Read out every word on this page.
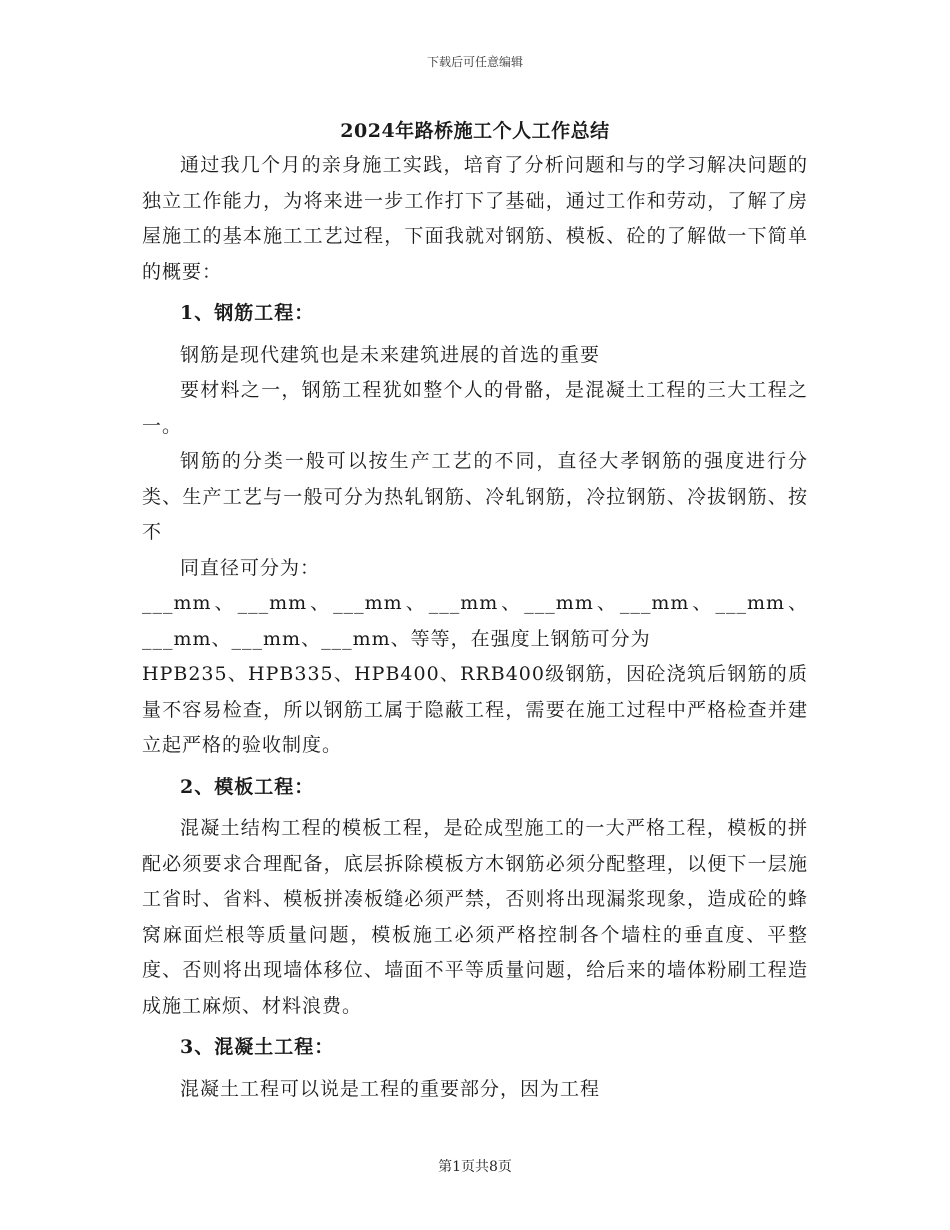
下载后可任意编辑
2024年路桥施工个人工作总结

通过我几个月的亲身施工实践，培育了分析问题和与的学习解决问题的独立工作能力，为将来进一步工作打下了基础，通过工作和劳动，了解了房屋施工的基本施工工艺过程，下面我就对钢筋、模板、砼的了解做一下简单的概要：

1、钢筋工程：

钢筋是现代建筑也是未来建筑进展的首选的重要

要材料之一，钢筋工程犹如整个人的骨骼，是混凝土工程的三大工程之一。

钢筋的分类一般可以按生产工艺的不同，直径大孝钢筋的强度进行分类、生产工艺与一般可分为热轧钢筋、冷轧钢筋，冷拉钢筋、冷拔钢筋、按不

同直径可分为：

___mm、___mm、___mm、___mm、___mm、___mm、___mm、___mm、___mm、___mm、等等，在强度上钢筋可分为

HPB235、HPB335、HPB400、RRB400级钢筋，因砼浇筑后钢筋的质量不容易检查，所以钢筋工属于隐蔽工程，需要在施工过程中严格检查并建立起严格的验收制度。

2、模板工程：

混凝土结构工程的模板工程，是砼成型施工的一大严格工程，模板的拼配必须要求合理配备，底层拆除模板方木钢筋必须分配整理，以便下一层施工省时、省料、模板拼凑板缝必须严禁，否则将出现漏浆现象，造成砼的蜂窝麻面烂根等质量问题，模板施工必须严格控制各个墙柱的垂直度、平整度、否则将出现墙体移位、墙面不平等质量问题，给后来的墙体粉刷工程造成施工麻烦、材料浪费。

3、混凝土工程：

混凝土工程可以说是工程的重要部分，因为工程

第1页共8页
